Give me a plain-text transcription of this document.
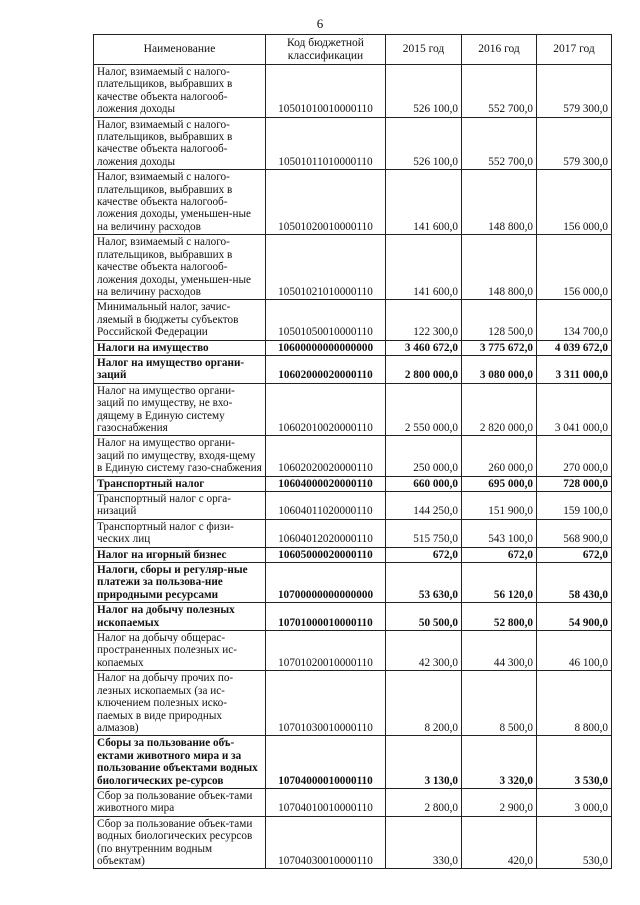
6
Наименование	Код бюджетной классификации	2015 год	2016 год	2017 год
Налог, взимаемый с налого-плательщиков, выбравших в качестве объекта налогооб-ложения доходы	10501010010000110	526 100,0	552 700,0	579 300,0
Налог, взимаемый с налого-плательщиков, выбравших в качестве объекта налогооб-ложения доходы	10501011010000110	526 100,0	552 700,0	579 300,0
Налог, взимаемый с налого-плательщиков, выбравших в качестве объекта налогооб-ложения доходы, уменьшен-ные на величину расходов	10501020010000110	141 600,0	148 800,0	156 000,0
Налог, взимаемый с налого-плательщиков, выбравших в качестве объекта налогооб-ложения доходы, уменьшен-ные на величину расходов	10501021010000110	141 600,0	148 800,0	156 000,0
Минимальный налог, зачис-ляемый в бюджеты субъектов Российской Федерации	10501050010000110	122 300,0	128 500,0	134 700,0
Налоги на имущество	10600000000000000	3 460 672,0	3 775 672,0	4 039 672,0
Налог на имущество органи-заций	10602000020000110	2 800 000,0	3 080 000,0	3 311 000,0
Налог на имущество органи-заций по имуществу, не вхо-дящему в Единую систему газоснабжения	10602010020000110	2 550 000,0	2 820 000,0	3 041 000,0
Налог на имущество органи-заций по имуществу, входя-щему в Единую систему газо-снабжения	10602020020000110	250 000,0	260 000,0	270 000,0
Транспортный налог	10604000020000110	660 000,0	695 000,0	728 000,0
Транспортный налог с орга-низаций	10604011020000110	144 250,0	151 900,0	159 100,0
Транспортный налог с физи-ческих лиц	10604012020000110	515 750,0	543 100,0	568 900,0
Налог на игорный бизнес	10605000020000110	672,0	672,0	672,0
Налоги, сборы и регуляр-ные платежи за пользова-ние природными ресурсами	10700000000000000	53 630,0	56 120,0	58 430,0
Налог на добычу полезных ископаемых	10701000010000110	50 500,0	52 800,0	54 900,0
Налог на добычу общерас-пространенных полезных ис-копаемых	10701020010000110	42 300,0	44 300,0	46 100,0
Налог на добычу прочих по-лезных ископаемых (за ис-ключением полезных иско-паемых в виде природных алмазов)	10701030010000110	8 200,0	8 500,0	8 800,0
Сборы за пользование объ-ектами животного мира и за пользование объектами водных биологических ре-сурсов	10704000010000110	3 130,0	3 320,0	3 530,0
Сбор за пользование объек-тами животного мира	10704010010000110	2 800,0	2 900,0	3 000,0
Сбор за пользование объек-тами водных биологических ресурсов (по внутренним водным объектам)	10704030010000110	330,0	420,0	530,0
